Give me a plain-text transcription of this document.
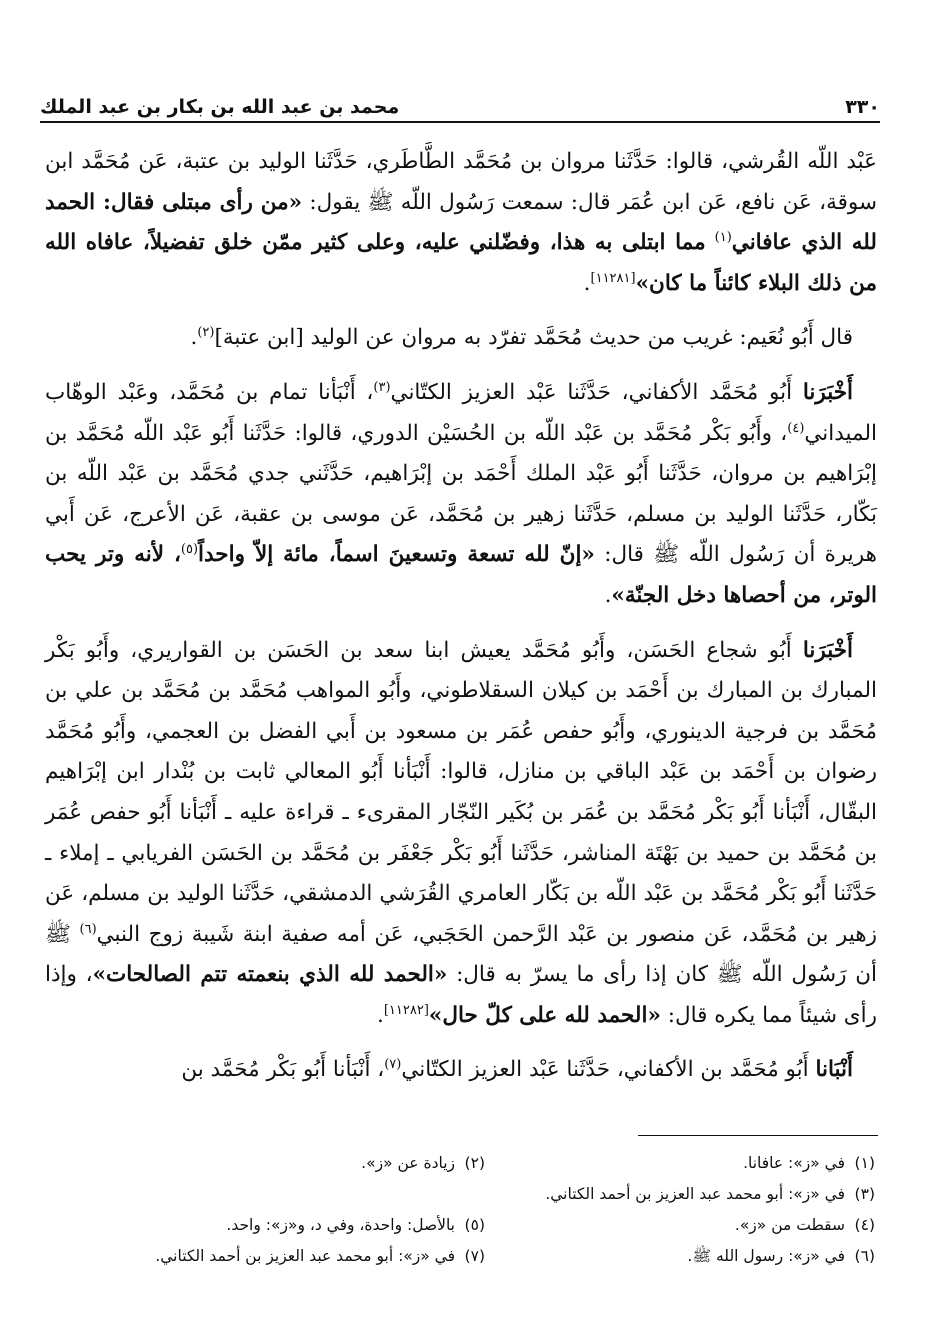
٣٣٠
محمد بن عبد الله بن بكار بن عبد الملك

عَبْد اللّه القُرشي، قالوا: حَدَّثَنا مروان بن مُحَمَّد الطَّاطَري، حَدَّثَنا الوليد بن عتبة، عَن مُحَمَّد ابن سوقة، عَن نافع، عَن ابن عُمَر قال: سمعت رَسُول اللّه ﷺ يقول: «من رأى مبتلى فقال: الحمد لله الذي عافاني$^{(١)}$ مما ابتلى به هذا، وفضّلني عليه، وعلى كثير ممّن خلق تفضيلاً، عافاه الله من ذلك البلاء كائناً ما كان»[١١٢٨١].

قال أَبُو نُعَيم: غريب من حديث مُحَمَّد تفرّد به مروان عن الوليد [ابن عتبة]$^{(٢)}$.

أَخْبَرَنا أَبُو مُحَمَّد الأكفاني، حَدَّثَنا عَبْد العزيز الكتّاني$^{(٣)}$، أَنْبَأنا تمام بن مُحَمَّد، وعَبْد الوهّاب الميداني$^{(٤)}$، وأَبُو بَكْر مُحَمَّد بن عَبْد اللّه بن الحُسَيْن الدوري، قالوا: حَدَّثَنا أَبُو عَبْد اللّه مُحَمَّد بن إبْرَاهيم بن مروان، حَدَّثَنا أَبُو عَبْد الملك أَحْمَد بن إبْرَاهيم، حَدَّثَني جدي مُحَمَّد بن عَبْد اللّه بن بَكّار، حَدَّثَنا الوليد بن مسلم، حَدَّثَنا زهير بن مُحَمَّد، عَن موسى بن عقبة، عَن الأعرج، عَن أَبي هريرة أن رَسُول اللّه ﷺ قال: «إنّ لله تسعة وتسعينَ اسماً، مائة إلاّ واحداً$^{(٥)}$، لأنه وتر يحب الوتر، من أحصاها دخل الجنّة».

أَخْبَرَنا أَبُو شجاع الحَسَن، وأَبُو مُحَمَّد يعيش ابنا سعد بن الحَسَن بن القواريري، وأَبُو بَكْر المبارك بن المبارك بن أَحْمَد بن كيلان السقلاطوني، وأَبُو المواهب مُحَمَّد بن مُحَمَّد بن علي بن مُحَمَّد بن فرجية الدينوري، وأَبُو حفص عُمَر بن مسعود بن أَبي الفضل بن العجمي، وأَبُو مُحَمَّد رضوان بن أَحْمَد بن عَبْد الباقي بن منازل، قالوا: أَنْبَأنا أَبُو المعالي ثابت بن بُنْدار ابن إبْرَاهيم البقّال، أَنْبَأنا أَبُو بَكْر مُحَمَّد بن عُمَر بن بُكَير النّجّار المقرىء ـ قراءة عليه ـ أَنْبَأنا أَبُو حفص عُمَر بن مُحَمَّد بن حميد بن بَهْتَة المناشر، حَدَّثَنا أَبُو بَكْر جَعْفَر بن مُحَمَّد بن الحَسَن الفريابي ـ إملاء ـ حَدَّثَنا أَبُو بَكْر مُحَمَّد بن عَبْد اللّه بن بَكّار العامري القُرَشي الدمشقي، حَدَّثَنا الوليد بن مسلم، عَن زهير بن مُحَمَّد، عَن منصور بن عَبْد الرَّحمن الحَجَبي، عَن أمه صفية ابنة شَيبة زوج النبي$^{(٦)}$ ﷺ أن رَسُول اللّه ﷺ كان إذا رأى ما يسرّ به قال: «الحمد لله الذي بنعمته تتم الصالحات»، وإذا رأى شيئاً مما يكره قال: «الحمد لله على كلّ حال»[١١٢٨٢].

أَنْبَانا أَبُو مُحَمَّد بن الأكفاني، حَدَّثَنا عَبْد العزيز الكتّاني$^{(٧)}$، أَنْبَأنا أَبُو بَكْر مُحَمَّد بن

(١)في «ز»: عافانا.
(٢)زيادة عن «ز».
(٣)في «ز»: أبو محمد عبد العزيز بن أحمد الكتاني.
(٤)سقطت من «ز».
(٥)بالأصل: واحدة، وفي د، و«ز»: واحد.
(٦)في «ز»: رسول الله ﷺ.
(٧)في «ز»: أبو محمد عبد العزيز بن أحمد الكتاني.
